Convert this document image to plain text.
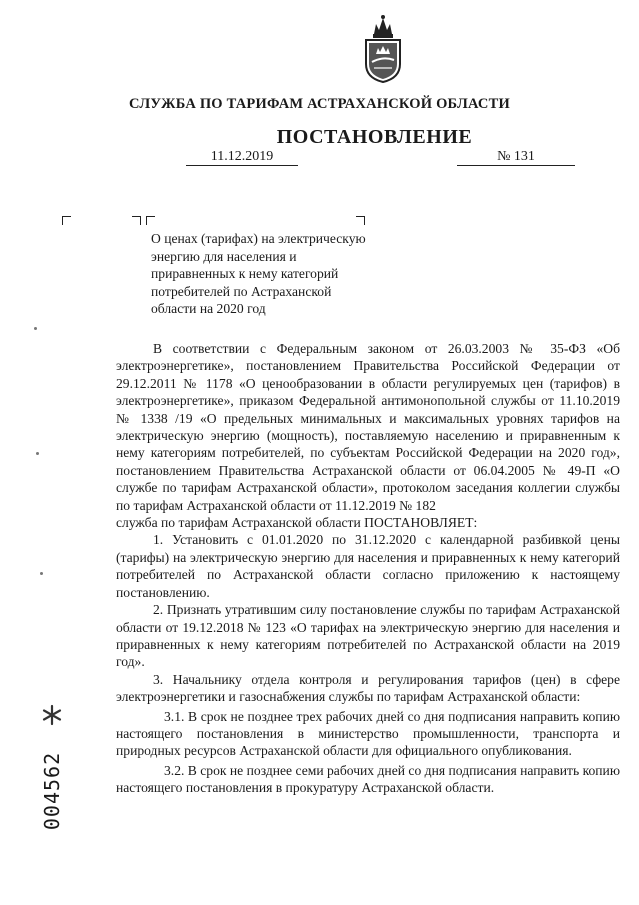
СЛУЖБА ПО ТАРИФАМ АСТРАХАНСКОЙ ОБЛАСТИ
ПОСТАНОВЛЕНИЕ
11.12.2019	№ 131
О ценах (тарифах) на электрическую энергию для населения и приравненных к нему категорий потребителей по Астраханской области на 2020 год

В соответствии с Федеральным законом от 26.03.2003 № 35-ФЗ «Об электроэнергетике», постановлением Правительства Российской Федерации от 29.12.2011 № 1178 «О ценообразовании в области регулируемых цен (тарифов) в электроэнергетике», приказом Федеральной антимонопольной службы от 11.10.2019 № 1338 /19 «О предельных минимальных и максимальных уровнях тарифов на электрическую энергию (мощность), поставляемую населению и приравненным к нему категориям потребителей, по субъектам Российской Федерации на 2020 год», постановлением Правительства Астраханской области от 06.04.2005 № 49-П «О службе по тарифам Астраханской области», протоколом заседания коллегии службы по тарифам Астраханской области от 11.12.2019 № 182

служба по тарифам Астраханской области ПОСТАНОВЛЯЕТ:

1. Установить с 01.01.2020 по 31.12.2020 с календарной разбивкой цены (тарифы) на электрическую энергию для населения и приравненных к нему категорий потребителей по Астраханской области согласно приложению к настоящему постановлению.

2. Признать утратившим силу постановление службы по тарифам Астраханской области от 19.12.2018 № 123 «О тарифах на электрическую энергию для населения и приравненных к нему категориям потребителей по Астраханской области на 2019 год».

3. Начальнику отдела контроля и регулирования тарифов (цен) в сфере электроэнергетики и газоснабжения службы по тарифам Астраханской области:

3.1. В срок не позднее трех рабочих дней со дня подписания направить копию настоящего постановления в министерство промышленности, транспорта и природных ресурсов Астраханской области для официального опубликования.

3.2. В срок не позднее семи рабочих дней со дня подписания направить копию настоящего постановления в прокуратуру Астраханской области.

004562
